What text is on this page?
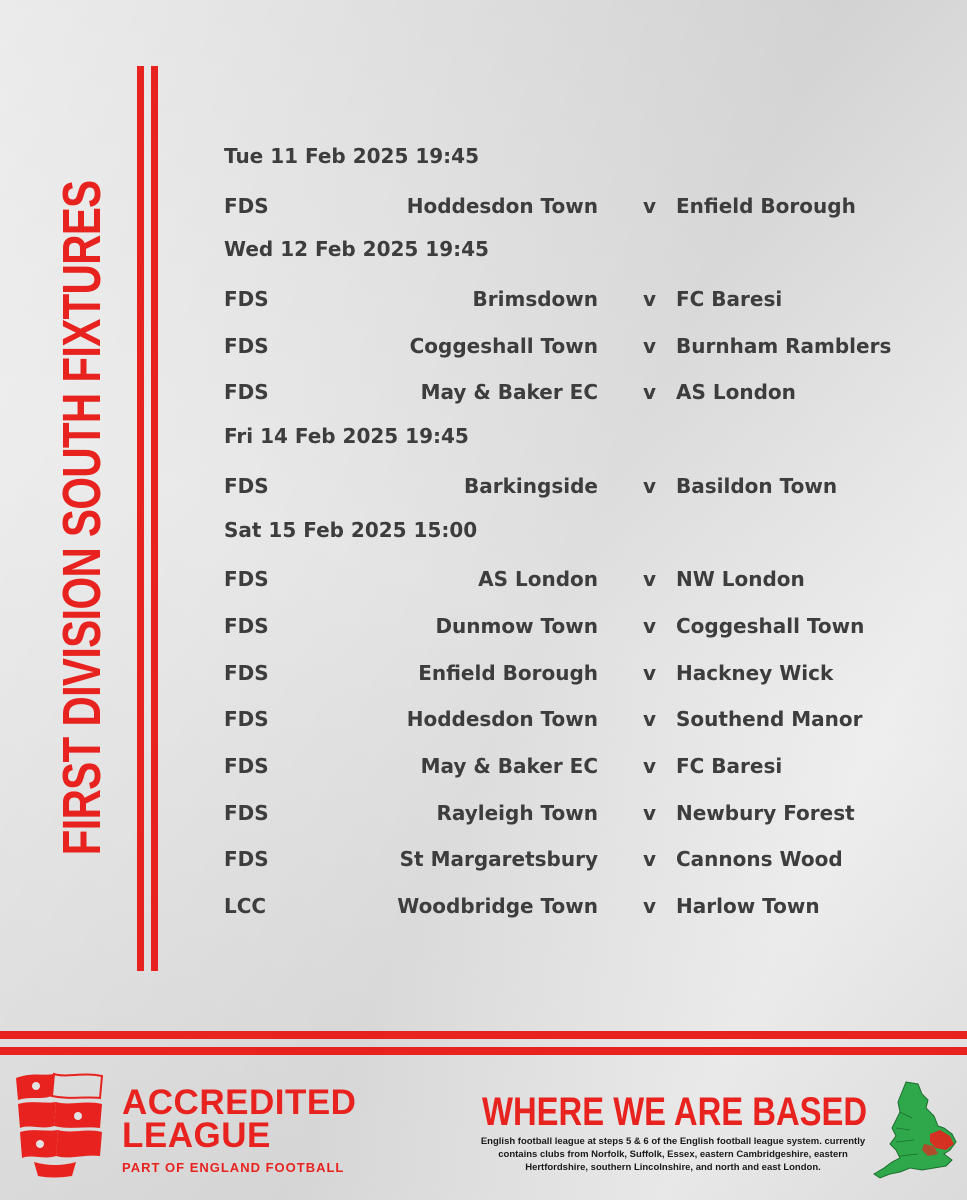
FIRST DIVISION SOUTH FIXTURES
Tue 11 Feb 2025 19:45
FDS	Hoddesdon Town v Enfield Borough
Wed 12 Feb 2025 19:45
FDS	Brimsdown v FC Baresi
FDS	Coggeshall Town v Burnham Ramblers
FDS	May & Baker EC v AS London
Fri 14 Feb 2025 19:45
FDS	Barkingside v Basildon Town
Sat 15 Feb 2025 15:00
FDS	AS London v NW London
FDS	Dunmow Town v Coggeshall Town
FDS	Enfield Borough v Hackney Wick
FDS	Hoddesdon Town v Southend Manor
FDS	May & Baker EC v FC Baresi
FDS	Rayleigh Town v Newbury Forest
FDS	St Margaretsbury v Cannons Wood
LCC	Woodbridge Town v Harlow Town
ACCREDITED
LEAGUE
PART OF ENGLAND FOOTBALL
WHERE WE ARE BASED
English football league at steps 5 & 6 of the English football league system. currently contains clubs from Norfolk, Suffolk, Essex, eastern Cambridgeshire, eastern Hertfordshire, southern Lincolnshire, and north and east London.
